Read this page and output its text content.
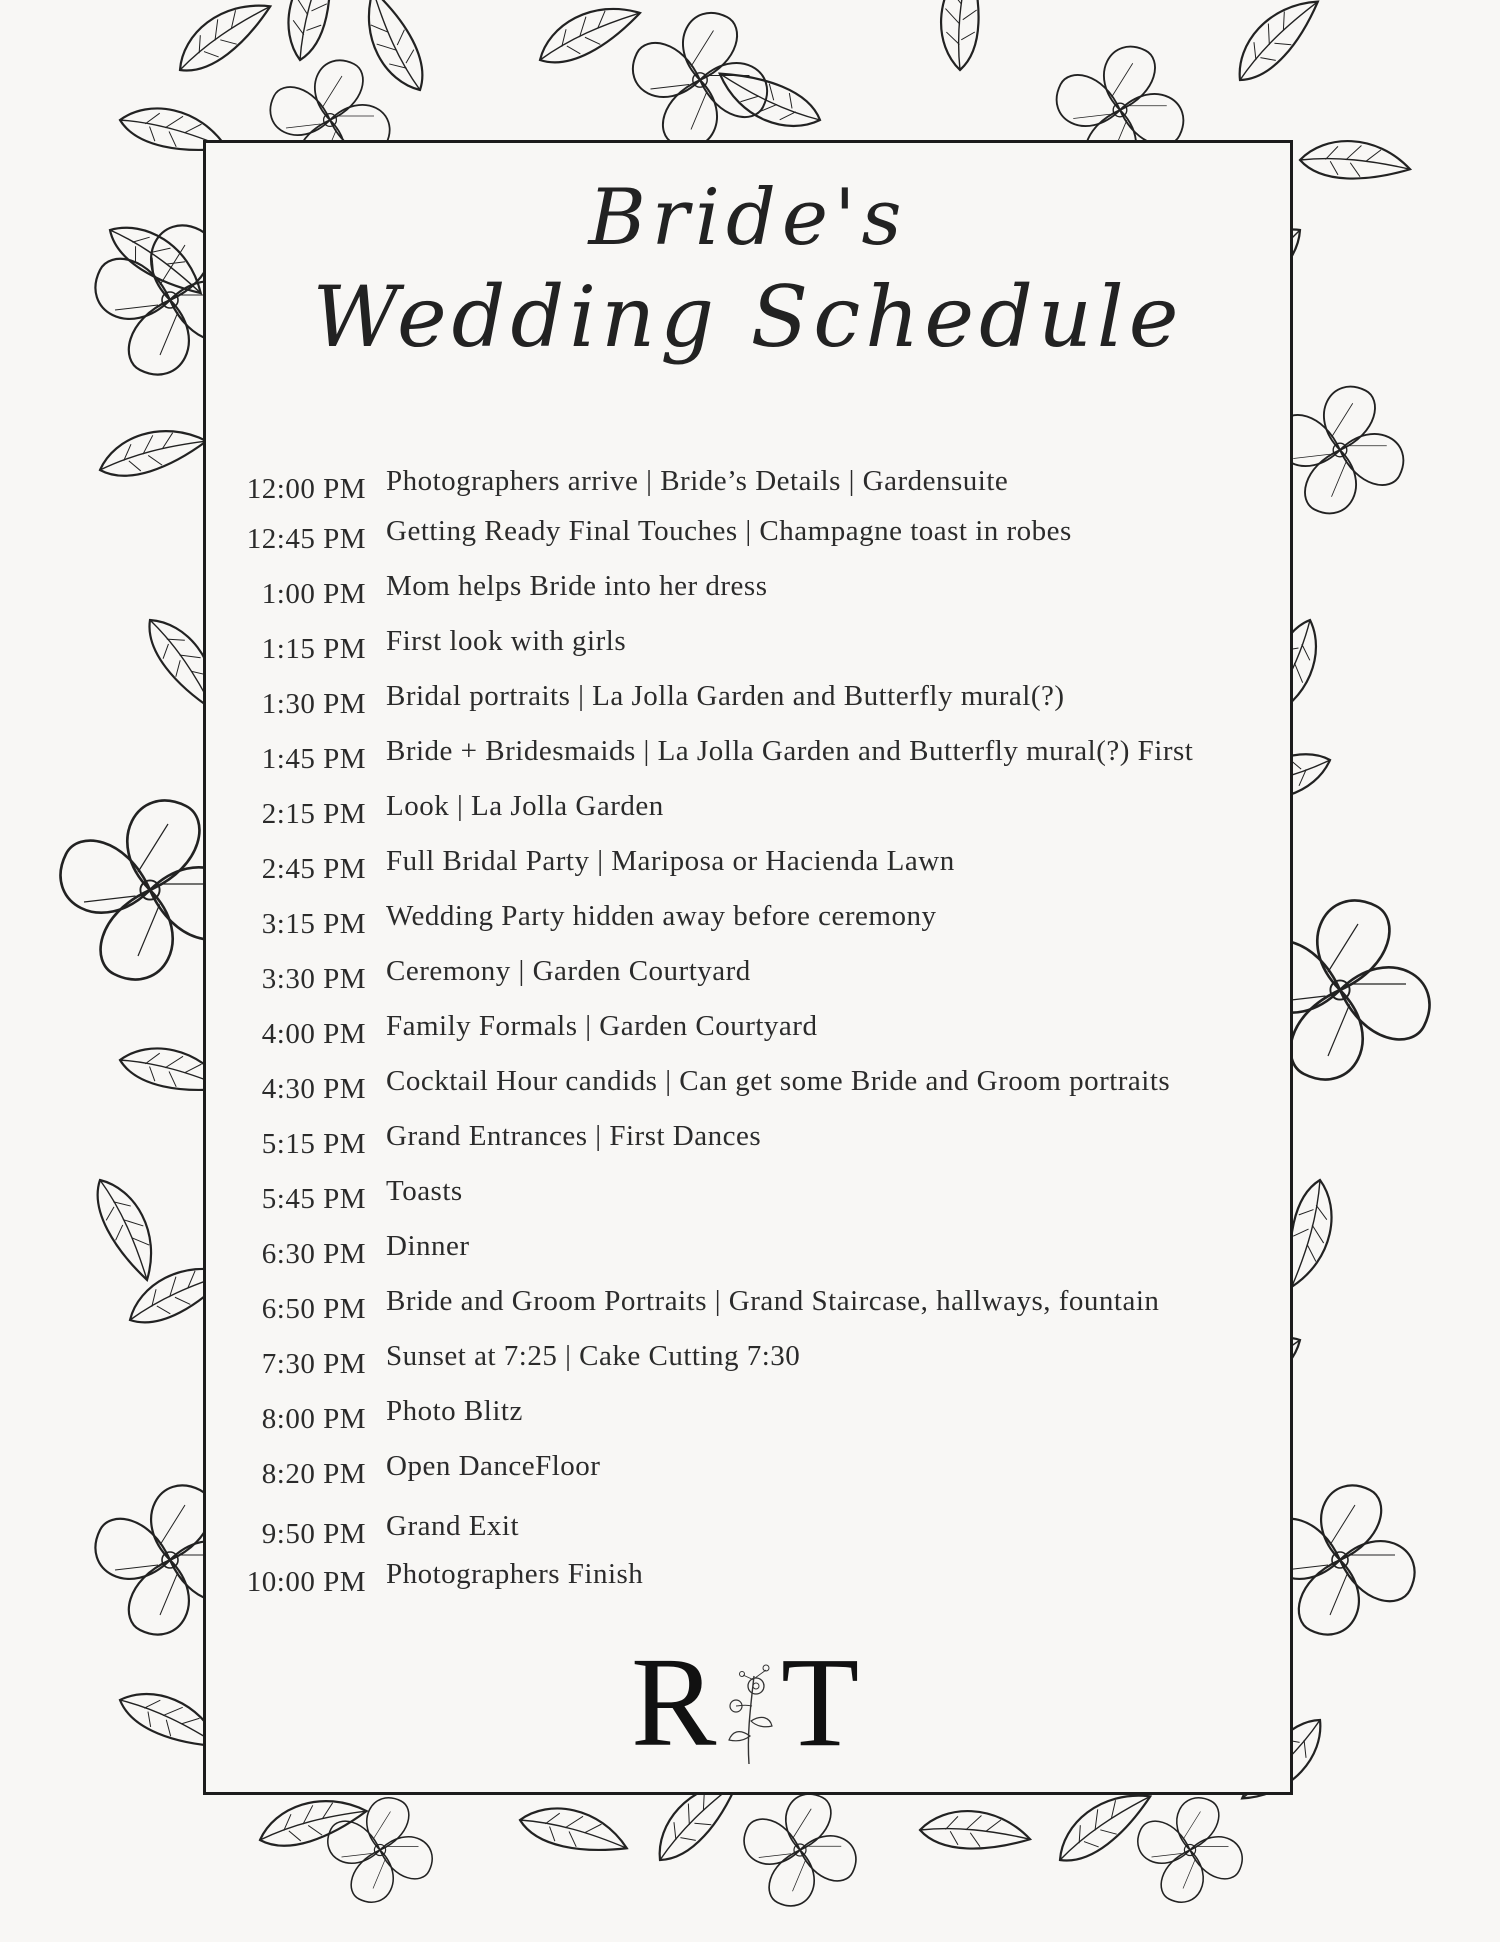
Bride's
Wedding Schedule
12:00 PM Photographers arrive | Bride’s Details | Gardensuite
12:45 PM Getting Ready Final Touches | Champagne toast in robes
1:00 PM Mom helps Bride into her dress
1:15 PM First look with girls
1:30 PM Bridal portraits | La Jolla Garden and Butterfly mural(?)
1:45 PM Bride + Bridesmaids | La Jolla Garden and Butterfly mural(?) First
2:15 PM Look | La Jolla Garden
2:45 PM Full Bridal Party | Mariposa or Hacienda Lawn
3:15 PM Wedding Party hidden away before ceremony
3:30 PM Ceremony | Garden Courtyard
4:00 PM Family Formals | Garden Courtyard
4:30 PM Cocktail Hour candids | Can get some Bride and Groom portraits
5:15 PM Grand Entrances | First Dances
5:45 PM Toasts
6:30 PM Dinner
6:50 PM Bride and Groom Portraits | Grand Staircase, hallways, fountain
7:30 PM Sunset at 7:25 | Cake Cutting 7:30
8:00 PM Photo Blitz
8:20 PM Open DanceFloor
9:50 PM Grand Exit
10:00 PM Photographers Finish
R T
